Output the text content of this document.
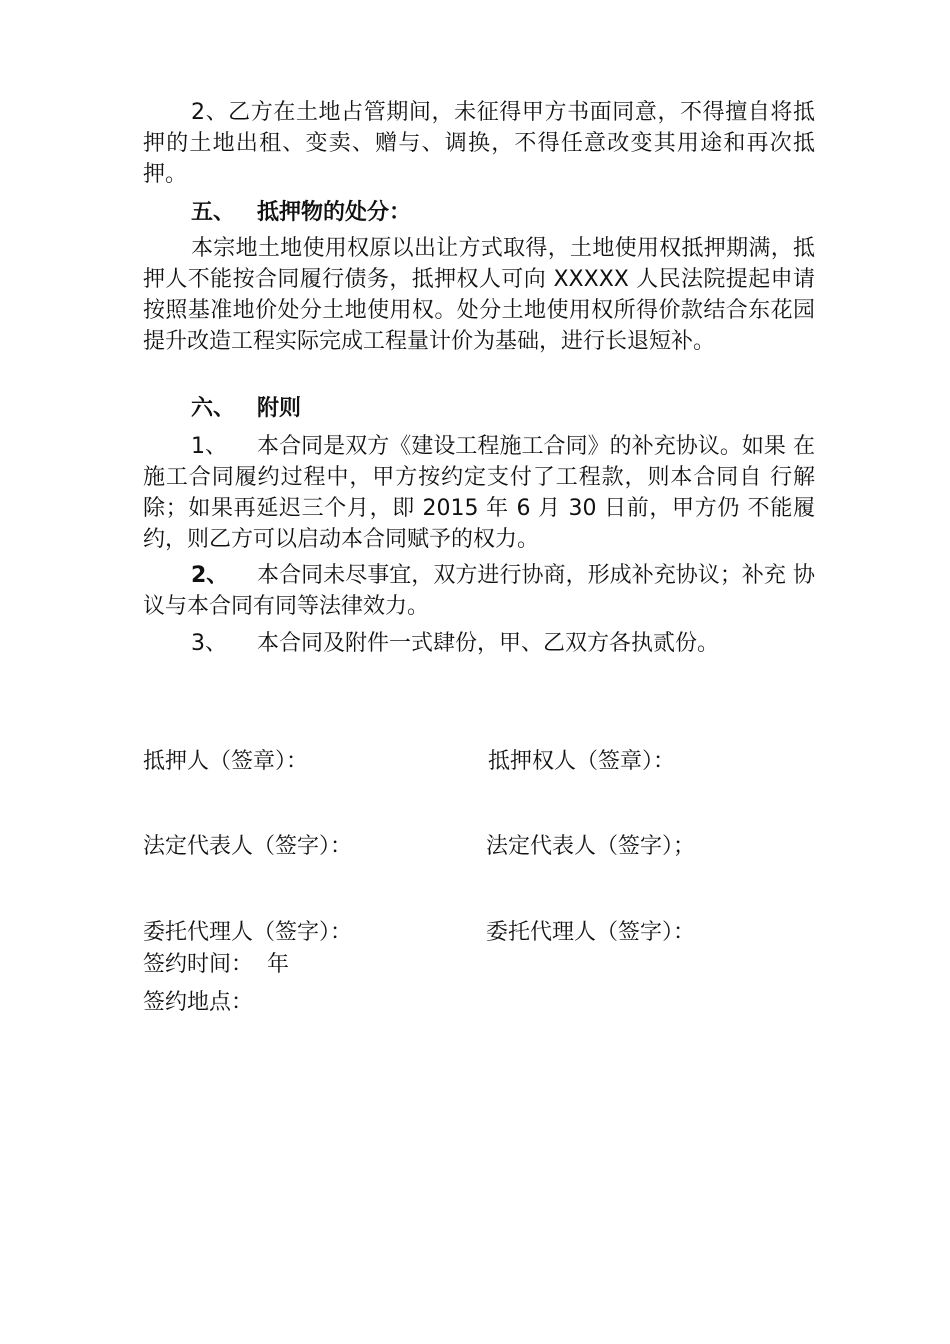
2、乙方在土地占管期间，未征得甲方书面同意，不得擅自将抵押的土地出租、变卖、赠与、调换，不得任意改变其用途和再次抵押。

五、 抵押物的处分：

本宗地土地使用权原以出让方式取得，土地使用权抵押期满，抵押人不能按合同履行债务，抵押权人可向 XXXXX 人民法院提起申请按照基准地价处分土地使用权。处分土地使用权所得价款结合东花园提升改造工程实际完成工程量计价为基础，进行长退短补。

六、 附则

1、 本合同是双方《建设工程施工合同》的补充协议。如果 在施工合同履约过程中，甲方按约定支付了工程款，则本合同自 行解除；如果再延迟三个月，即 2015 年 6 月 30 日前，甲方仍 不能履约，则乙方可以启动本合同赋予的权力。

2、 本合同未尽事宜，双方进行协商，形成补充协议；补充 协议与本合同有同等法律效力。

3、 本合同及附件一式肆份，甲、乙双方各执贰份。
抵押人（签章）：	抵押权人（签章）：
法定代表人（签字）：	法定代表人（签字）；
委托代理人（签字）：	委托代理人（签字）：
签约时间：  年
签约地点：
